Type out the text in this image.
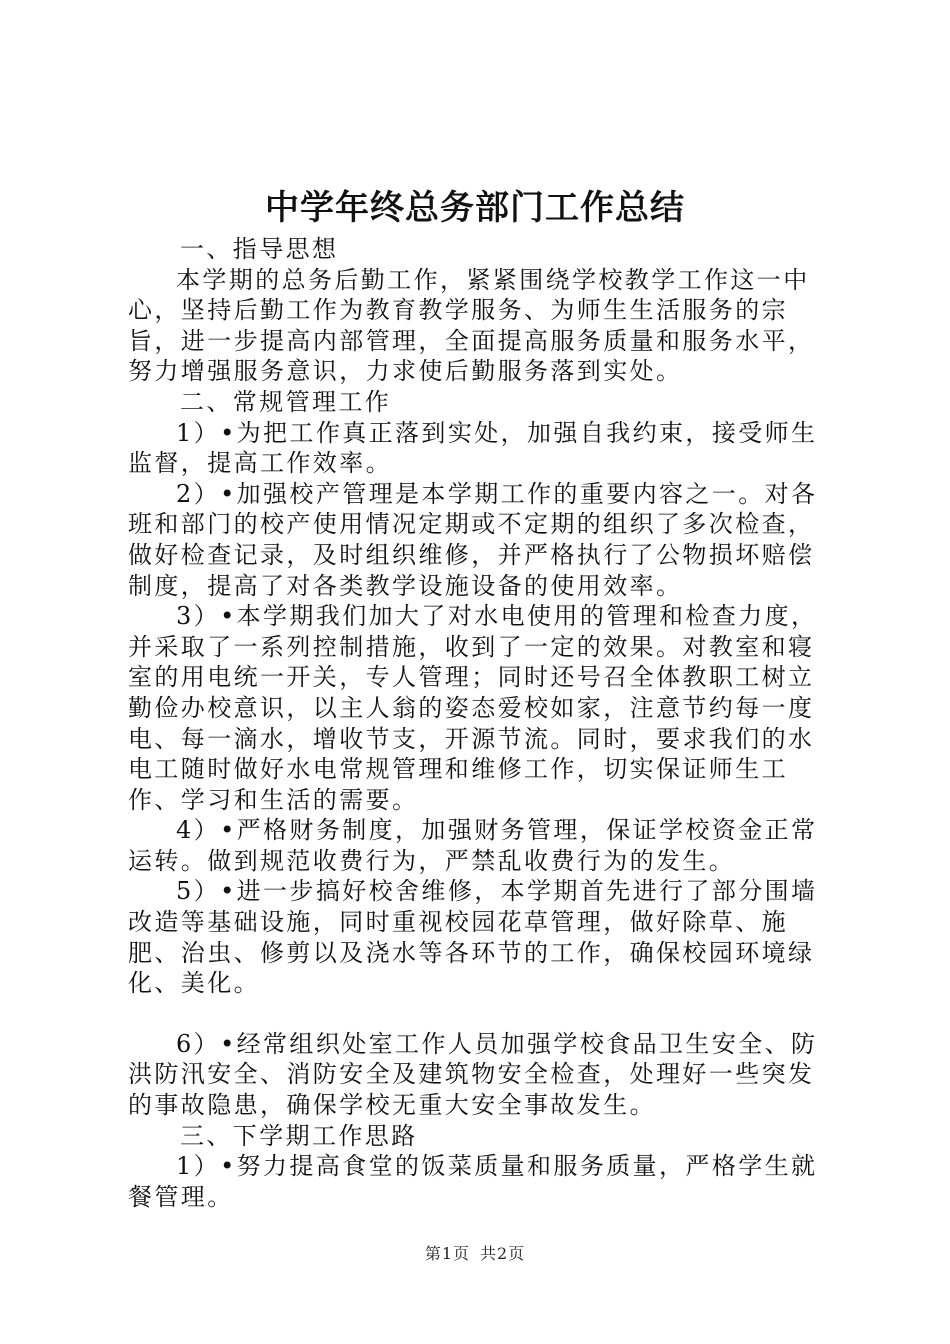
中学年终总务部门工作总结

一、指导思想

本学期的总务后勤工作，紧紧围绕学校教学工作这一中心，坚持后勤工作为教育教学服务、为师生生活服务的宗旨，进一步提高内部管理，全面提高服务质量和服务水平，努力增强服务意识，力求使后勤服务落到实处。

二、常规管理工作

1）•为把工作真正落到实处，加强自我约束，接受师生监督，提高工作效率。

2）•加强校产管理是本学期工作的重要内容之一。对各班和部门的校产使用情况定期或不定期的组织了多次检查，做好检查记录，及时组织维修，并严格执行了公物损坏赔偿制度，提高了对各类教学设施设备的使用效率。

3）•本学期我们加大了对水电使用的管理和检查力度，并采取了一系列控制措施，收到了一定的效果。对教室和寝室的用电统一开关，专人管理；同时还号召全体教职工树立勤俭办校意识，以主人翁的姿态爱校如家，注意节约每一度电、每一滴水，增收节支，开源节流。同时，要求我们的水电工随时做好水电常规管理和维修工作，切实保证师生工作、学习和生活的需要。

4）•严格财务制度，加强财务管理，保证学校资金正常运转。做到规范收费行为，严禁乱收费行为的发生。

5）•进一步搞好校舍维修，本学期首先进行了部分围墙改造等基础设施，同时重视校园花草管理，做好除草、施肥、治虫、修剪以及浇水等各环节的工作，确保校园环境绿化、美化。

6）•经常组织处室工作人员加强学校食品卫生安全、防洪防汛安全、消防安全及建筑物安全检查，处理好一些突发的事故隐患，确保学校无重大安全事故发生。

三、下学期工作思路

1）•努力提高食堂的饭菜质量和服务质量，严格学生就餐管理。

第1页 共2页
